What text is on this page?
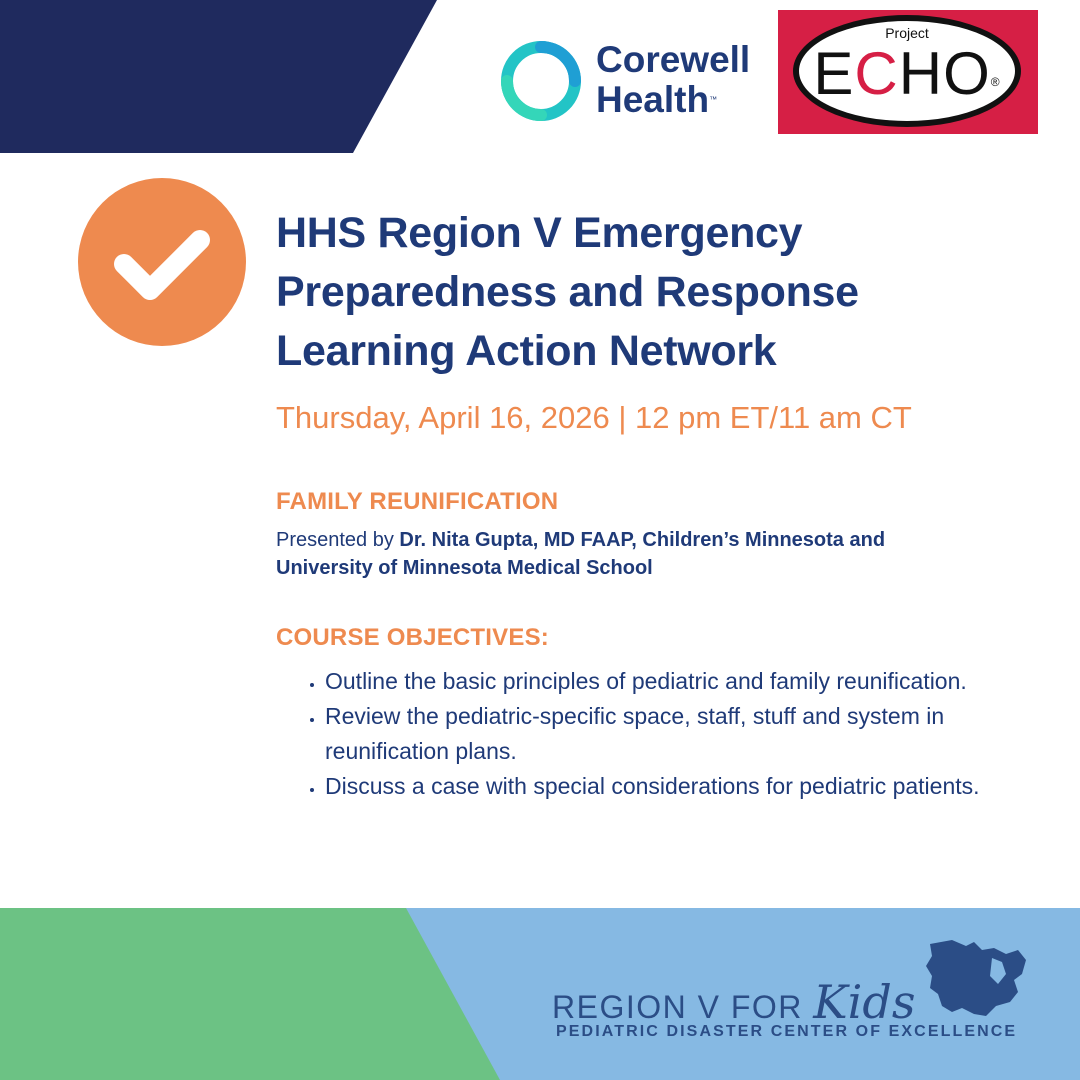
Corewell
Health™
Project
ECHO®
HHS Region V Emergency Preparedness and Response Learning Action Network
Thursday, April 16, 2026 | 12 pm ET/11 am CT
FAMILY REUNIFICATION
Presented by Dr. Nita Gupta, MD FAAP, Children’s Minnesota and University of Minnesota Medical School
COURSE OBJECTIVES:
• Outline the basic principles of pediatric and family reunification.
• Review the pediatric-specific space, staff, stuff and system in reunification plans.
• Discuss a case with special considerations for pediatric patients.
REGION V FOR Kids
PEDIATRIC DISASTER CENTER OF EXCELLENCE
